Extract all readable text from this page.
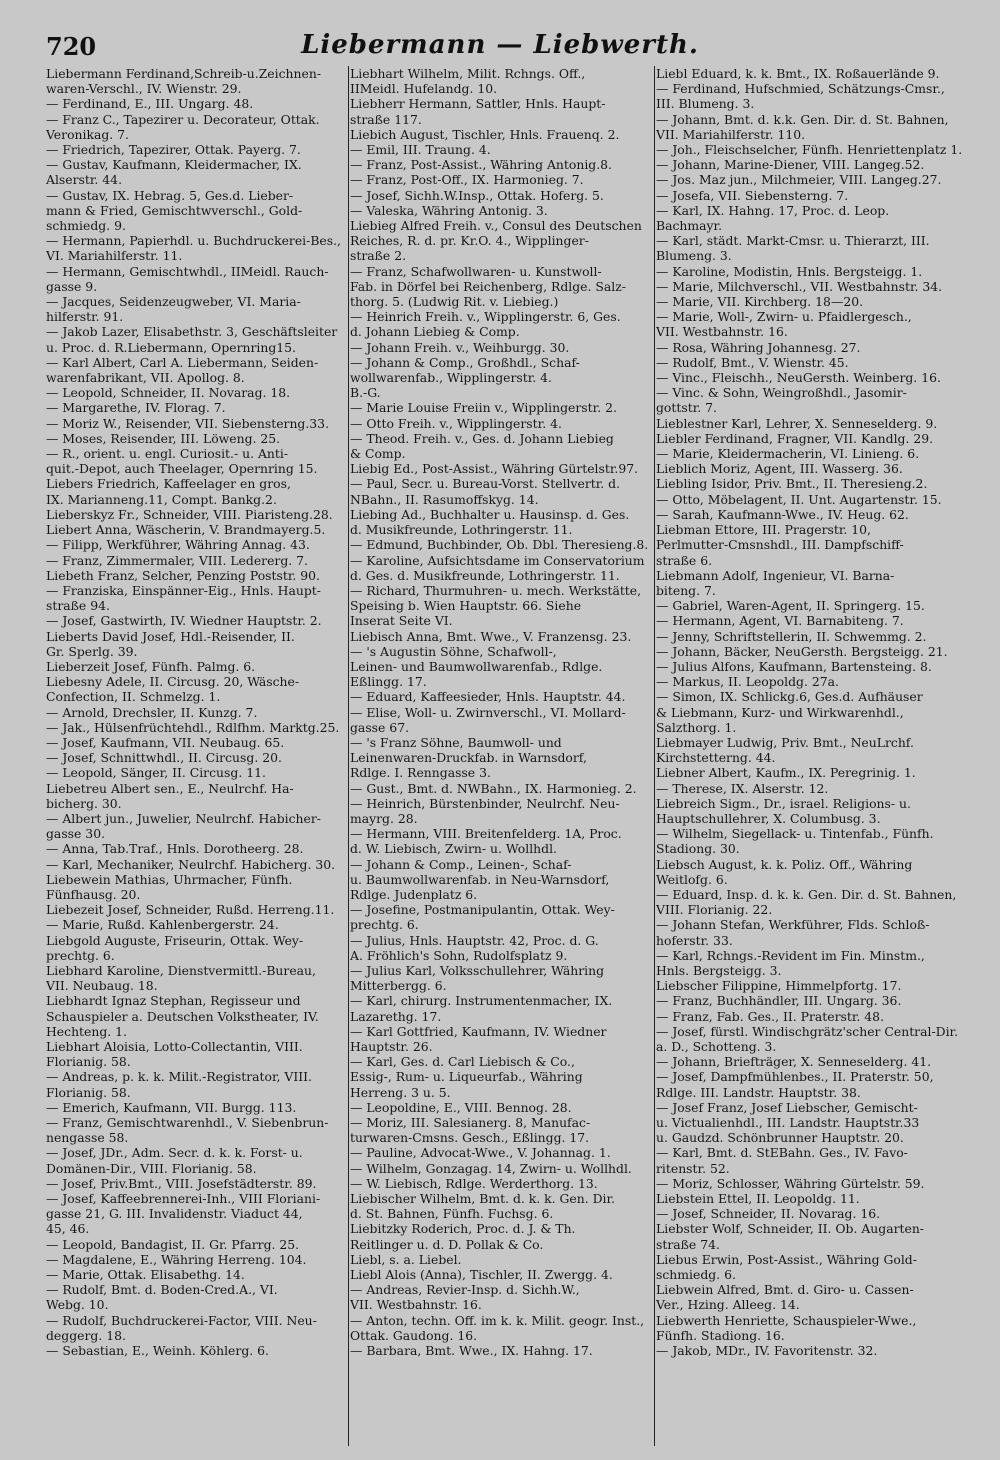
720	Liebermann — Liebwerth.
Liebermann Ferdinand,Schreib-u.Zeichnen-
waren-Verschl., IV. Wienstr. 29.
— Ferdinand, E., III. Ungarg. 48.
— Franz C., Tapezirer u. Decorateur, Ottak.
Veronikag. 7.
— Friedrich, Tapezirer, Ottak. Payerg. 7.
— Gustav, Kaufmann, Kleidermacher, IX.
Alserstr. 44.
— Gustav, IX. Hebrag. 5, Ges.d. Lieber-
mann & Fried, Gemischtwverschl., Gold-
schmiedg. 9.
— Hermann, Papierhdl. u. Buchdruckerei-Bes.,
VI. Mariahilferstr. 11.
— Hermann, Gemischtwhdl., IIMeidl. Rauch-
gasse 9.
— Jacques, Seidenzeugweber, VI. Maria-
hilferstr. 91.
— Jakob Lazer, Elisabethstr. 3, Geschäftsleiter
u. Proc. d. R.Liebermann, Opernring15.
— Karl Albert, Carl A. Liebermann, Seiden-
warenfabrikant, VII. Apollog. 8.
— Leopold, Schneider, II. Novarag. 18.
— Margarethe, IV. Florag. 7.
— Moriz W., Reisender, VII. Siebensterng.33.
— Moses, Reisender, III. Löweng. 25.
— R., orient. u. engl. Curiosit.- u. Anti-
quit.-Depot, auch Theelager, Opernring 15.
Liebers Friedrich, Kaffeelager en gros,
IX. Marianneng.11, Compt. Bankg.2.
Lieberskyz Fr., Schneider, VIII. Piaristeng.28.
Liebert Anna, Wäscherin, V. Brandmayerg.5.
— Filipp, Werkführer, Währing Annag. 43.
— Franz, Zimmermaler, VIII. Ledererg. 7.
Liebeth Franz, Selcher, Penzing Poststr. 90.
— Franziska, Einspänner-Eig., Hnls. Haupt-
straße 94.
— Josef, Gastwirth, IV. Wiedner Hauptstr. 2.
Lieberts David Josef, Hdl.-Reisender, II.
Gr. Sperlg. 39.
Lieberzeit Josef, Fünfh. Palmg. 6.
Liebesny Adele, II. Circusg. 20, Wäsche-
Confection, II. Schmelzg. 1.
— Arnold, Drechsler, II. Kunzg. 7.
— Jak., Hülsenfrüchtehdl., Rdlfhm. Marktg.25.
— Josef, Kaufmann, VII. Neubaug. 65.
— Josef, Schnittwhdl., II. Circusg. 20.
— Leopold, Sänger, II. Circusg. 11.
Liebetreu Albert sen., E., Neulrchf. Ha-
bicherg. 30.
— Albert jun., Juwelier, Neulrchf. Habicher-
gasse 30.
— Anna, Tab.Traf., Hnls. Dorotheerg. 28.
— Karl, Mechaniker, Neulrchf. Habicherg. 30.
Liebewein Mathias, Uhrmacher, Fünfh.
Fünfhausg. 20.
Liebezeit Josef, Schneider, Rußd. Herreng.11.
— Marie, Rußd. Kahlenbergerstr. 24.
Liebgold Auguste, Friseurin, Ottak. Wey-
prechtg. 6.
Liebhard Karoline, Dienstvermittl.-Bureau,
VII. Neubaug. 18.
Liebhardt Ignaz Stephan, Regisseur und
Schauspieler a. Deutschen Volkstheater, IV.
Hechteng. 1.
Liebhart Aloisia, Lotto-Collectantin, VIII.
Florianig. 58.
— Andreas, p. k. k. Milit.-Registrator, VIII.
Florianig. 58.
— Emerich, Kaufmann, VII. Burgg. 113.
— Franz, Gemischtwarenhdl., V. Siebenbrun-
nengasse 58.
— Josef, JDr., Adm. Secr. d. k. k. Forst- u.
Domänen-Dir., VIII. Florianig. 58.
— Josef, Priv.Bmt., VIII. Josefstädterstr. 89.
— Josef, Kaffeebrennerei-Inh., VIII Floriani-
gasse 21, G. III. Invalidenstr. Viaduct 44,
45, 46.
— Leopold, Bandagist, II. Gr. Pfarrg. 25.
— Magdalene, E., Währing Herreng. 104.
— Marie, Ottak. Elisabethg. 14.
— Rudolf, Bmt. d. Boden-Cred.A., VI.
Webg. 10.
— Rudolf, Buchdruckerei-Factor, VIII. Neu-
deggerg. 18.
— Sebastian, E., Weinh. Köhlerg. 6.
Liebhart Wilhelm, Milit. Rchngs. Off.,
IIMeidl. Hufelandg. 10.
Liebherr Hermann, Sattler, Hnls. Haupt-
straße 117.
Liebich August, Tischler, Hnls. Frauenq. 2.
— Emil, III. Traung. 4.
— Franz, Post-Assist., Währing Antonig.8.
— Franz, Post-Off., IX. Harmonieg. 7.
— Josef, Sichh.W.Insp., Ottak. Hoferg. 5.
— Valeska, Währing Antonig. 3.
Liebieg Alfred Freih. v., Consul des Deutschen
Reiches, R. d. pr. Kr.O. 4., Wipplinger-
straße 2.
— Franz, Schafwollwaren- u. Kunstwoll-
Fab. in Dörfel bei Reichenberg, Rdlge. Salz-
thorg. 5. (Ludwig Rit. v. Liebieg.)
— Heinrich Freih. v., Wipplingerstr. 6, Ges.
d. Johann Liebieg & Comp.
— Johann Freih. v., Weihburgg. 30.
— Johann & Comp., Großhdl., Schaf-
wollwarenfab., Wipplingerstr. 4.
B.-G.
— Marie Louise Freiin v., Wipplingerstr. 2.
— Otto Freih. v., Wipplingerstr. 4.
— Theod. Freih. v., Ges. d. Johann Liebieg
& Comp.
Liebig Ed., Post-Assist., Währing Gürtelstr.97.
— Paul, Secr. u. Bureau-Vorst. Stellvertr. d.
NBahn., II. Rasumoffskyg. 14.
Liebing Ad., Buchhalter u. Hausinsp. d. Ges.
d. Musikfreunde, Lothringerstr. 11.
— Edmund, Buchbinder, Ob. Dbl. Theresieng.8.
— Karoline, Aufsichtsdame im Conservatorium
d. Ges. d. Musikfreunde, Lothringerstr. 11.
— Richard, Thurmuhren- u. mech. Werkstätte,
Speising b. Wien Hauptstr. 66. Siehe
Inserat Seite VI.
Liebisch Anna, Bmt. Wwe., V. Franzensg. 23.
— 's Augustin Söhne, Schafwoll-,
Leinen- und Baumwollwarenfab., Rdlge.
Eßlingg. 17.
— Eduard, Kaffeesieder, Hnls. Hauptstr. 44.
— Elise, Woll- u. Zwirnverschl., VI. Mollard-
gasse 67.
— 's Franz Söhne, Baumwoll- und
Leinenwaren-Druckfab. in Warnsdorf,
Rdlge. I. Renngasse 3.
— Gust., Bmt. d. NWBahn., IX. Harmonieg. 2.
— Heinrich, Bürstenbinder, Neulrchf. Neu-
mayrg. 28.
— Hermann, VIII. Breitenfelderg. 1A, Proc.
d. W. Liebisch, Zwirn- u. Wollhdl.
— Johann & Comp., Leinen-, Schaf-
u. Baumwollwarenfab. in Neu-Warnsdorf,
Rdlge. Judenplatz 6.
— Josefine, Postmanipulantin, Ottak. Wey-
prechtg. 6.
— Julius, Hnls. Hauptstr. 42, Proc. d. G.
A. Fröhlich's Sohn, Rudolfsplatz 9.
— Julius Karl, Volksschullehrer, Währing
Mitterbergg. 6.
— Karl, chirurg. Instrumentenmacher, IX.
Lazarethg. 17.
— Karl Gottfried, Kaufmann, IV. Wiedner
Hauptstr. 26.
— Karl, Ges. d. Carl Liebisch & Co.,
Essig-, Rum- u. Liqueurfab., Währing
Herreng. 3 u. 5.
— Leopoldine, E., VIII. Bennog. 28.
— Moriz, III. Salesianerg. 8, Manufac-
turwaren-Cmsns. Gesch., Eßlingg. 17.
— Pauline, Advocat-Wwe., V. Johannag. 1.
— Wilhelm, Gonzagag. 14, Zwirn- u. Wollhdl.
— W. Liebisch, Rdlge. Werderthorg. 13.
Liebischer Wilhelm, Bmt. d. k. k. Gen. Dir.
d. St. Bahnen, Fünfh. Fuchsg. 6.
Liebitzky Roderich, Proc. d. J. & Th.
Reitlinger u. d. D. Pollak & Co.
Liebl, s. a. Liebel.
Liebl Alois (Anna), Tischler, II. Zwergg. 4.
— Andreas, Revier-Insp. d. Sichh.W.,
VII. Westbahnstr. 16.
— Anton, techn. Off. im k. k. Milit. geogr. Inst.,
Ottak. Gaudong. 16.
— Barbara, Bmt. Wwe., IX. Hahng. 17.
Liebl Eduard, k. k. Bmt., IX. Roßauerlände 9.
— Ferdinand, Hufschmied, Schätzungs-Cmsr.,
III. Blumeng. 3.
— Johann, Bmt. d. k.k. Gen. Dir. d. St. Bahnen,
VII. Mariahilferstr. 110.
— Joh., Fleischselcher, Fünfh. Henriettenplatz 1.
— Johann, Marine-Diener, VIII. Langeg.52.
— Jos. Maz jun., Milchmeier, VIII. Langeg.27.
— Josefa, VII. Siebensterng. 7.
— Karl, IX. Hahng. 17, Proc. d. Leop.
Bachmayr.
— Karl, städt. Markt-Cmsr. u. Thierarzt, III.
Blumeng. 3.
— Karoline, Modistin, Hnls. Bergsteigg. 1.
— Marie, Milchverschl., VII. Westbahnstr. 34.
— Marie, VII. Kirchberg. 18—20.
— Marie, Woll-, Zwirn- u. Pfaidlergesch.,
VII. Westbahnstr. 16.
— Rosa, Währing Johannesg. 27.
— Rudolf, Bmt., V. Wienstr. 45.
— Vinc., Fleischh., NeuGersth. Weinberg. 16.
— Vinc. & Sohn, Weingroßhdl., Jasomir-
gottstr. 7.
Lieblestner Karl, Lehrer, X. Senneselderg. 9.
Liebler Ferdinand, Fragner, VII. Kandlg. 29.
— Marie, Kleidermacherin, VI. Linieng. 6.
Lieblich Moriz, Agent, III. Wasserg. 36.
Liebling Isidor, Priv. Bmt., II. Theresieng.2.
— Otto, Möbelagent, II. Unt. Augartenstr. 15.
— Sarah, Kaufmann-Wwe., IV. Heug. 62.
Liebman Ettore, III. Pragerstr. 10,
Perlmutter-Cmsnshdl., III. Dampfschiff-
straße 6.
Liebmann Adolf, Ingenieur, VI. Barna-
biteng. 7.
— Gabriel, Waren-Agent, II. Springerg. 15.
— Hermann, Agent, VI. Barnabiteng. 7.
— Jenny, Schriftstellerin, II. Schwemmg. 2.
— Johann, Bäcker, NeuGersth. Bergsteigg. 21.
— Julius Alfons, Kaufmann, Bartensteing. 8.
— Markus, II. Leopoldg. 27a.
— Simon, IX. Schlickg.6, Ges.d. Aufhäuser
& Liebmann, Kurz- und Wirkwarenhdl.,
Salzthorg. 1.
Liebmayer Ludwig, Priv. Bmt., NeuLrchf.
Kirchstetterng. 44.
Liebner Albert, Kaufm., IX. Peregrinig. 1.
— Therese, IX. Alserstr. 12.
Liebreich Sigm., Dr., israel. Religions- u.
Hauptschullehrer, X. Columbusg. 3.
— Wilhelm, Siegellack- u. Tintenfab., Fünfh.
Stadiong. 30.
Liebsch August, k. k. Poliz. Off., Währing
Weitlofg. 6.
— Eduard, Insp. d. k. k. Gen. Dir. d. St. Bahnen,
VIII. Florianig. 22.
— Johann Stefan, Werkführer, Flds. Schloß-
hoferstr. 33.
— Karl, Rchngs.-Revident im Fin. Minstm.,
Hnls. Bergsteigg. 3.
Liebscher Filippine, Himmelpfortg. 17.
— Franz, Buchhändler, III. Ungarg. 36.
— Franz, Fab. Ges., II. Praterstr. 48.
— Josef, fürstl. Windischgrätz'scher Central-Dir.
a. D., Schotteng. 3.
— Johann, Briefträger, X. Senneselderg. 41.
— Josef, Dampfmühlenbes., II. Praterstr. 50,
Rdlge. III. Landstr. Hauptstr. 38.
— Josef Franz, Josef Liebscher, Gemischt-
u. Victualienhdl., III. Landstr. Hauptstr.33
u. Gaudzd. Schönbrunner Hauptstr. 20.
— Karl, Bmt. d. StEBahn. Ges., IV. Favo-
ritenstr. 52.
— Moriz, Schlosser, Währing Gürtelstr. 59.
Liebstein Ettel, II. Leopoldg. 11.
— Josef, Schneider, II. Novarag. 16.
Liebster Wolf, Schneider, II. Ob. Augarten-
straße 74.
Liebus Erwin, Post-Assist., Währing Gold-
schmiedg. 6.
Liebwein Alfred, Bmt. d. Giro- u. Cassen-
Ver., Hzing. Alleeg. 14.
Liebwerth Henriette, Schauspieler-Wwe.,
Fünfh. Stadiong. 16.
— Jakob, MDr., IV. Favoritenstr. 32.
